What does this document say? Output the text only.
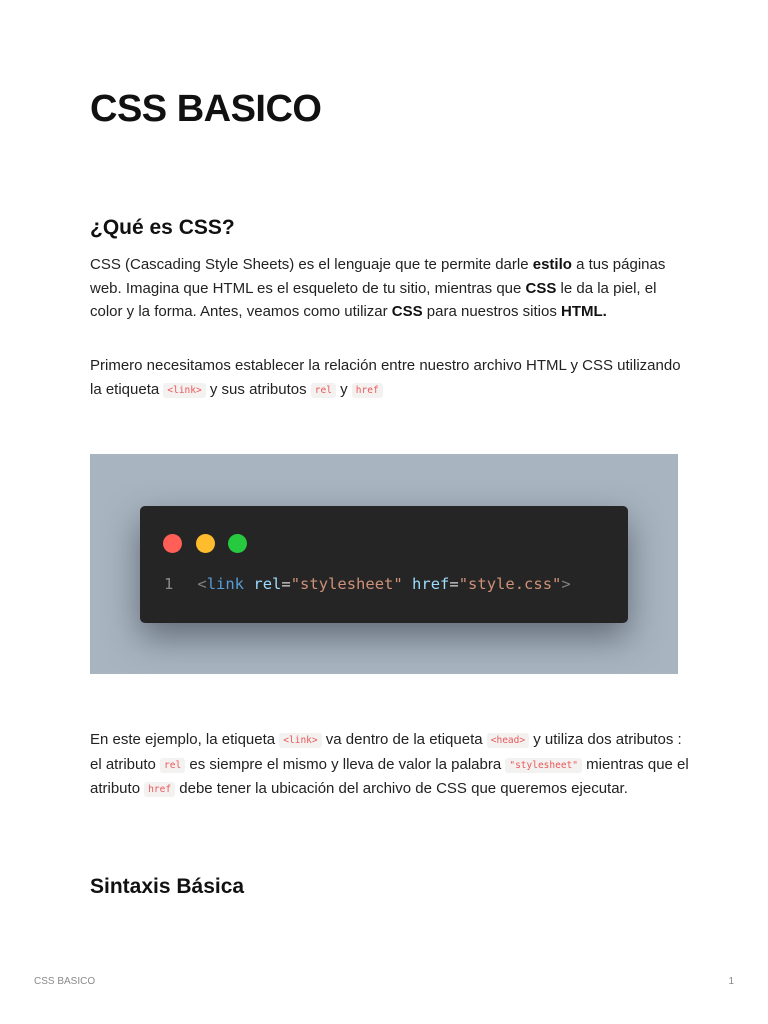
CSS BASICO
¿Qué es CSS?

CSS (Cascading Style Sheets) es el lenguaje que te permite darle estilo a tus páginas web. Imagina que HTML es el esqueleto de tu sitio, mientras que CSS le da la piel, el color y la forma. Antes, veamos como utilizar CSS para nuestros sitios HTML.

Primero necesitamos establecer la relación entre nuestro archivo HTML y CSS utilizando la etiqueta <link> y sus atributos rel y href

1 <link rel="stylesheet" href="style.css">

En este ejemplo, la etiqueta <link> va dentro de la etiqueta <head> y utiliza dos atributos : el atributo rel es siempre el mismo y lleva de valor la palabra "stylesheet" mientras que el atributo href debe tener la ubicación del archivo de CSS que queremos ejecutar.

Sintaxis Básica
CSS BASICO	1
